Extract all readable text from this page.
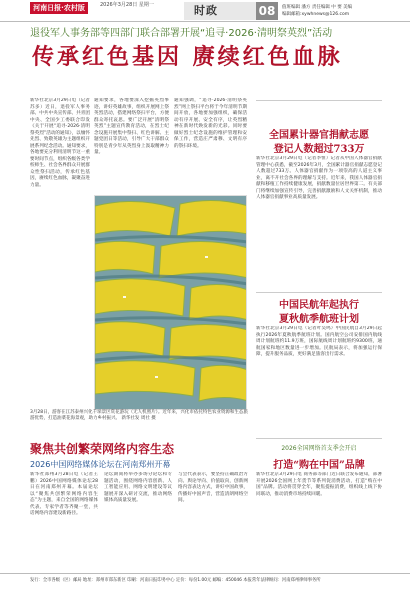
河南日报·农村版	2026年3月28日 星期一	时政	08	值班编辑 潘方 责任编辑 中 要 美编
编辑邮箱:xywhnews@126.com
退役军人事务部等四部门联合部署开展“追寻·2026·清明祭英烈”活动
传承红色基因 赓续红色血脉
新华社北京3月29日电（记者苏多）近日，退役军人事务部、中共中央宣传部、共青团中央、全国少工委联合印发《关于开展“追寻·2026·清明祭英烈”活动的通知》，以缅怀先烈、致敬英雄为主题组织开展系列纪念活动。通知要求，各地要充分利用清明节这一重要时间节点，组织各级各类学校师生、社会各界群众开展群众性祭扫活动，传承红色基因，赓续红色血脉，凝聚奋进力量。
通知要求，各地要深入挖掘英烈事迹，讲好英雄故事，组织开展网上祭英烈活动，搭建网络祭扫平台，方便群众寄托哀思。要广泛开展“清明祭英烈”主题宣传教育活动，在烈士纪念设施开展集中祭扫、红色讲解、主题党团日等活动，引导广大干部群众特别是青少年从英烈身上汲取精神力量。
通知强调，“追寻·2026·清明祭英烈”网上祭扫平台将于今年清明节期间开放，各地要加强组织，确保活动有序开展、安全有序，让英烈精神在新时代焕发新的光彩。同时要做好烈士纪念设施的维护管理和安保工作，营造庄严肃穆、文明有序的祭扫环境。
3月28日，游客在江苏泰州兴化千垛景区赏花游玩（无人机照片）。近年来，兴化市依托特色农业资源和生态旅游优势，打造油菜花海景观，助力乡村振兴。 新华社发 周社 摄
聚焦共创繁荣网络内容生态
2026中国网络媒体论坛在河南郑州开幕
新华社郑州3月28日电（记者王鹏）2026中国网络媒体论坛28日在河南郑州开幕。本届论坛以“聚焦共创繁荣网络内容生态”为主题，来自全国的网络媒体代表、专家学者等齐聚一堂，共话网络内容建设新路径。
论坛期间将举办多场分论坛和专题活动，围绕网络内容创新、人工智能应用、网络文明建设等议题展开深入研讨交流，推动网络媒体高质量发展。
与会代表表示，要坚持正确政治方向、舆论导向、价值取向，创新网络内容表达方式，讲好中国故事，传播好中国声音，营造清朗网络空间。
全国累计器官捐献志愿
登记人数超过733万
新华社北京3月29日电（记者李恒）记者从中国人体器官捐献管理中心获悉，截至2026年3月，全国累计器官捐献志愿登记人数超过733万。人体器官捐献作为一项崇高的人道主义事业，离不开社会各界的理解与支持。近年来，我国人体器官捐献和移植工作持续健康发展，捐献数量位居世界第二。有关部门将继续加强宣传引导，完善捐献激励和人文关怀机制，推动人体器官捐献事业高质量发展。
中国民航年起执行
夏秋航季航班计划
新华社北京3月29日电（记者叶昊鸣）中国民航自3月29日起执行2026年夏秋航季航班计划。国内航空公司安排国内航线周计划航班约11.9万班，国际航线周计划航班约9300班，通航国家和地区数量进一步增加。民航局表示，将加强运行保障，提升服务品质，更好满足旅客出行需求。
2026全国网络首支季会开启
打造“购在中国”品牌
新华社北京3月29日电 商务部等部门近日联合发布通知，部署开展2026全国网上年货节等系列促消费活动，打造“购在中国”品牌。活动将贯穿全年，聚焦提振消费，组织线上线下协同联动，推动消费市场持续回暖。
发行：全市各级（区）邮局 地址：郑州市郑东新区 印刷：河南日报印务中心 定价：每份1.00元 邮编：450046 本报常年法律顾问：河南郑州律师事务所
